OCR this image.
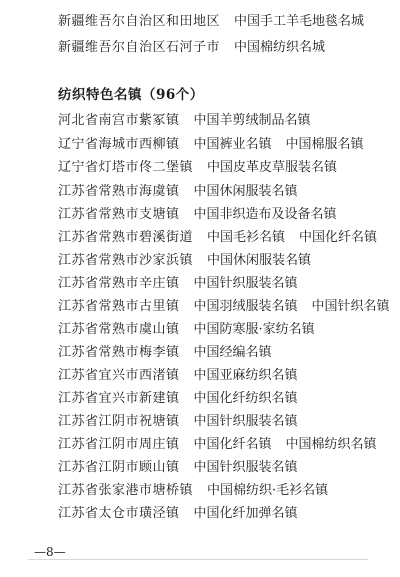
新疆维吾尔自治区和田地区 中国手工羊毛地毯名城
新疆维吾尔自治区石河子市 中国棉纺织名城
纺织特色名镇（96个）
河北省南宫市紫冢镇 中国羊剪绒制品名镇
辽宁省海城市西柳镇 中国裤业名镇 中国棉服名镇
辽宁省灯塔市佟二堡镇 中国皮革皮草服装名镇
江苏省常熟市海虞镇 中国休闲服装名镇
江苏省常熟市支塘镇 中国非织造布及设备名镇
江苏省常熟市碧溪街道 中国毛衫名镇 中国化纤名镇
江苏省常熟市沙家浜镇 中国休闲服装名镇
江苏省常熟市辛庄镇 中国针织服装名镇
江苏省常熟市古里镇 中国羽绒服装名镇 中国针织名镇
江苏省常熟市虞山镇 中国防寒服·家纺名镇
江苏省常熟市梅李镇 中国经编名镇
江苏省宜兴市西渚镇 中国亚麻纺织名镇
江苏省宜兴市新建镇 中国化纤纺织名镇
江苏省江阴市祝塘镇 中国针织服装名镇
江苏省江阴市周庄镇 中国化纤名镇 中国棉纺织名镇
江苏省江阴市顾山镇 中国针织服装名镇
江苏省张家港市塘桥镇 中国棉纺织·毛衫名镇
江苏省太仓市璜泾镇 中国化纤加弹名镇
—8—
